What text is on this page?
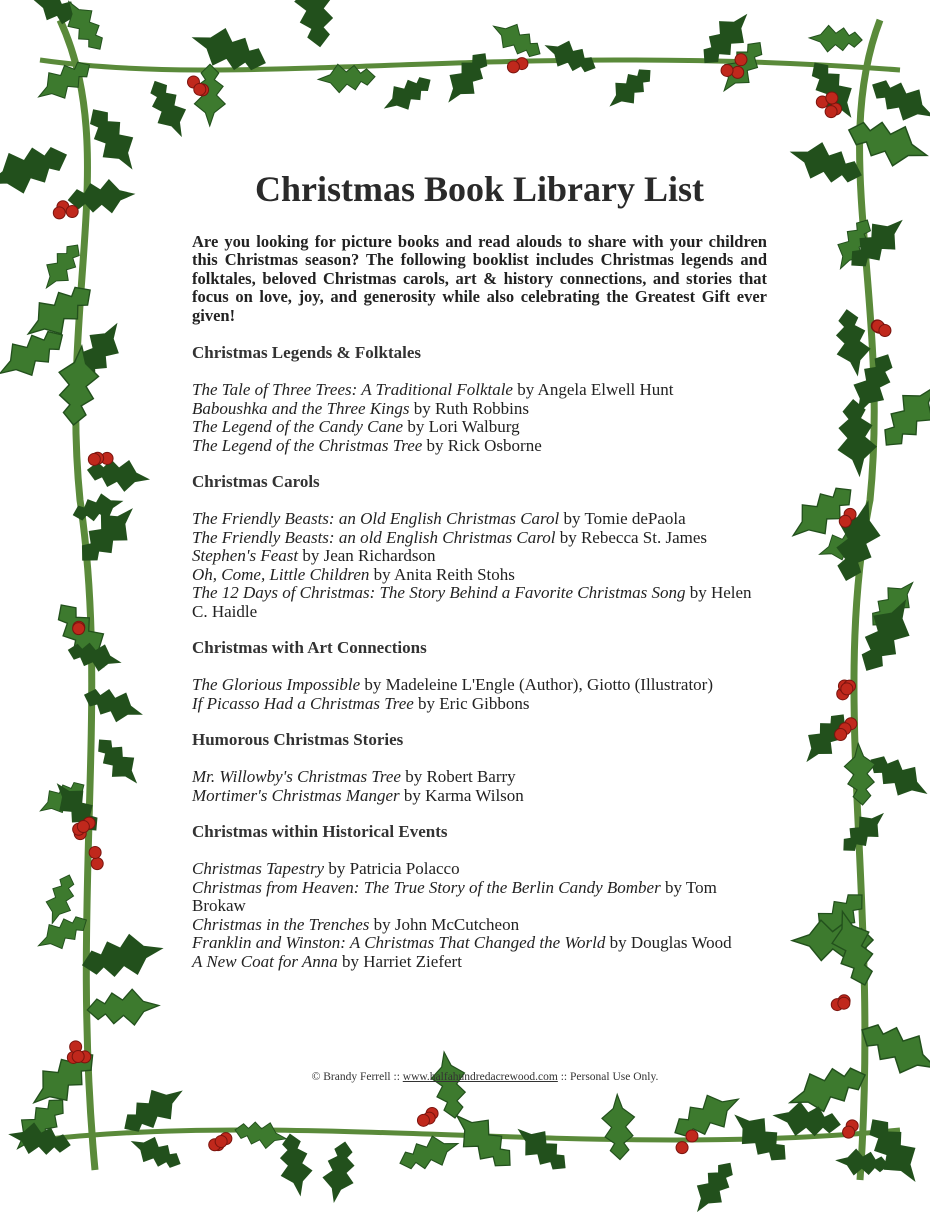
Christmas Book Library List

Are you looking for picture books and read alouds to share with your children this Christmas season? The following booklist includes Christmas legends and folktales, beloved Christmas carols, art & history connections, and stories that focus on love, joy, and generosity while also celebrating the Greatest Gift ever given!

Christmas Legends & Folktales
The Tale of Three Trees: A Traditional Folktale by Angela Elwell Hunt
Baboushka and the Three Kings by Ruth Robbins
The Legend of the Candy Cane by Lori Walburg
The Legend of the Christmas Tree by Rick Osborne
Christmas Carols
The Friendly Beasts: an Old English Christmas Carol by Tomie dePaola
The Friendly Beasts: an old English Christmas Carol by Rebecca St. James
Stephen's Feast by Jean Richardson
Oh, Come, Little Children by Anita Reith Stohs
The 12 Days of Christmas: The Story Behind a Favorite Christmas Song by Helen C. Haidle
Christmas with Art Connections
The Glorious Impossible by Madeleine L'Engle (Author), Giotto (Illustrator)
If Picasso Had a Christmas Tree by Eric Gibbons
Humorous Christmas Stories
Mr. Willowby's Christmas Tree by Robert Barry
Mortimer's Christmas Manger by Karma Wilson
Christmas within Historical Events
Christmas Tapestry by Patricia Polacco
Christmas from Heaven: The True Story of the Berlin Candy Bomber by Tom Brokaw
Christmas in the Trenches by John McCutcheon
Franklin and Winston: A Christmas That Changed the World by Douglas Wood
A New Coat for Anna by Harriet Ziefert
© Brandy Ferrell :: www.halfahundredacrewood.com :: Personal Use Only.
